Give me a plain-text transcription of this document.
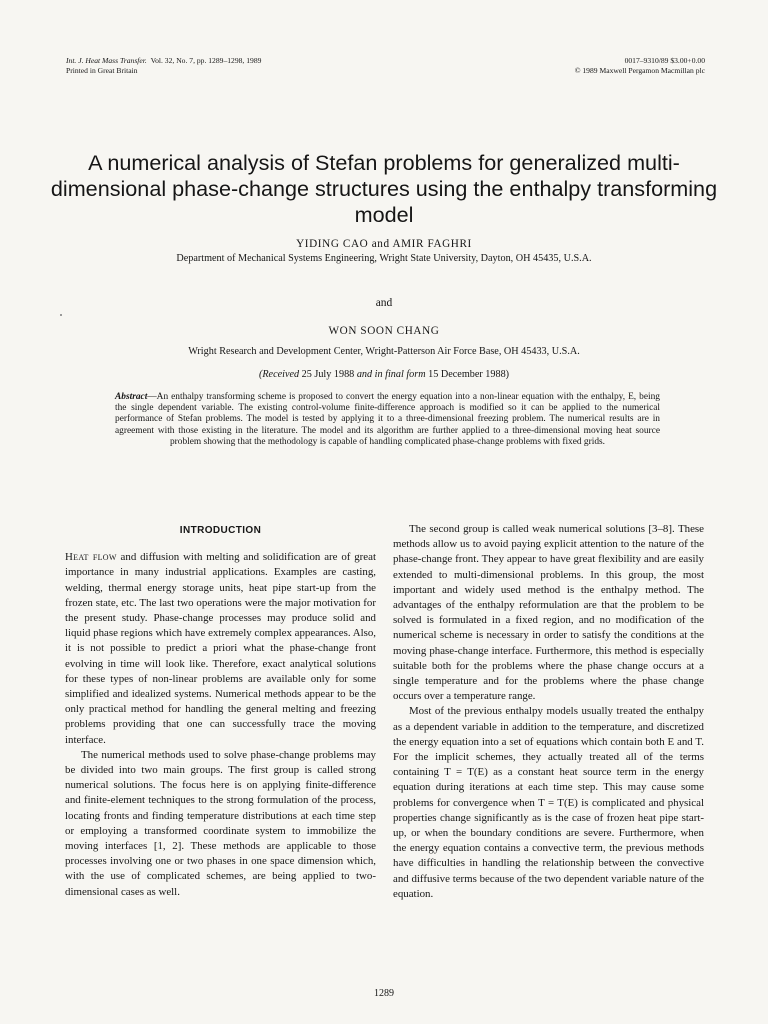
Int. J. Heat Mass Transfer. Vol. 32, No. 7, pp. 1289–1298, 1989
Printed in Great Britain
0017–9310/89 $3.00+0.00
© 1989 Maxwell Pergamon Macmillan plc
A numerical analysis of Stefan problems for generalized multi-dimensional phase-change structures using the enthalpy transforming model
YIDING CAO and AMIR FAGHRI
Department of Mechanical Systems Engineering, Wright State University, Dayton, OH 45435, U.S.A.
and
WON SOON CHANG
Wright Research and Development Center, Wright-Patterson Air Force Base, OH 45433, U.S.A.
(Received 25 July 1988 and in final form 15 December 1988)
Abstract—An enthalpy transforming scheme is proposed to convert the energy equation into a non-linear equation with the enthalpy, E, being the single dependent variable. The existing control-volume finite-difference approach is modified so it can be applied to the numerical performance of Stefan problems. The model is tested by applying it to a three-dimensional freezing problem. The numerical results are in agreement with those existing in the literature. The model and its algorithm are further applied to a three-dimensional moving heat source problem showing that the methodology is capable of handling complicated phase-change problems with fixed grids.
INTRODUCTION

Heat flow and diffusion with melting and solidification are of great importance in many industrial applications. Examples are casting, welding, thermal energy storage units, heat pipe start-up from the frozen state, etc. The last two operations were the major motivation for the present study. Phase-change processes may produce solid and liquid phase regions which have extremely complex appearances. Also, it is not possible to predict a priori what the phase-change front evolving in time will look like. Therefore, exact analytical solutions for these types of non-linear problems are available only for some simplified and idealized systems. Numerical methods appear to be the only practical method for handling the general melting and freezing problems providing that one can successfully trace the moving interface.

The numerical methods used to solve phase-change problems may be divided into two main groups. The first group is called strong numerical solutions. The focus here is on applying finite-difference and finite-element techniques to the strong formulation of the process, locating fronts and finding temperature distributions at each time step or employing a transformed coordinate system to immobilize the moving interfaces [1, 2]. These methods are applicable to those processes involving one or two phases in one space dimension which, with the use of complicated schemes, are being applied to two-dimensional cases as well.

The second group is called weak numerical solutions [3–8]. These methods allow us to avoid paying explicit attention to the nature of the phase-change front. They appear to have great flexibility and are easily extended to multi-dimensional problems. In this group, the most important and widely used method is the enthalpy method. The advantages of the enthalpy reformulation are that the problem to be solved is formulated in a fixed region, and no modification of the numerical scheme is necessary in order to satisfy the conditions at the moving phase-change interface. Furthermore, this method is especially suitable both for the problems where the phase change occurs at a single temperature and for the problems where the phase change occurs over a temperature range.

Most of the previous enthalpy models usually treated the enthalpy as a dependent variable in addition to the temperature, and discretized the energy equation into a set of equations which contain both E and T. For the implicit schemes, they actually treated all of the terms containing T = T(E) as a constant heat source term in the energy equation during iterations at each time step. This may cause some problems for convergence when T = T(E) is complicated and physical properties change significantly as is the case of frozen heat pipe start-up, or when the boundary conditions are severe. Furthermore, when the energy equation contains a convective term, the previous methods have difficulties in handling the relationship between the convective and diffusive terms because of the two dependent variable nature of the equation.

1289
